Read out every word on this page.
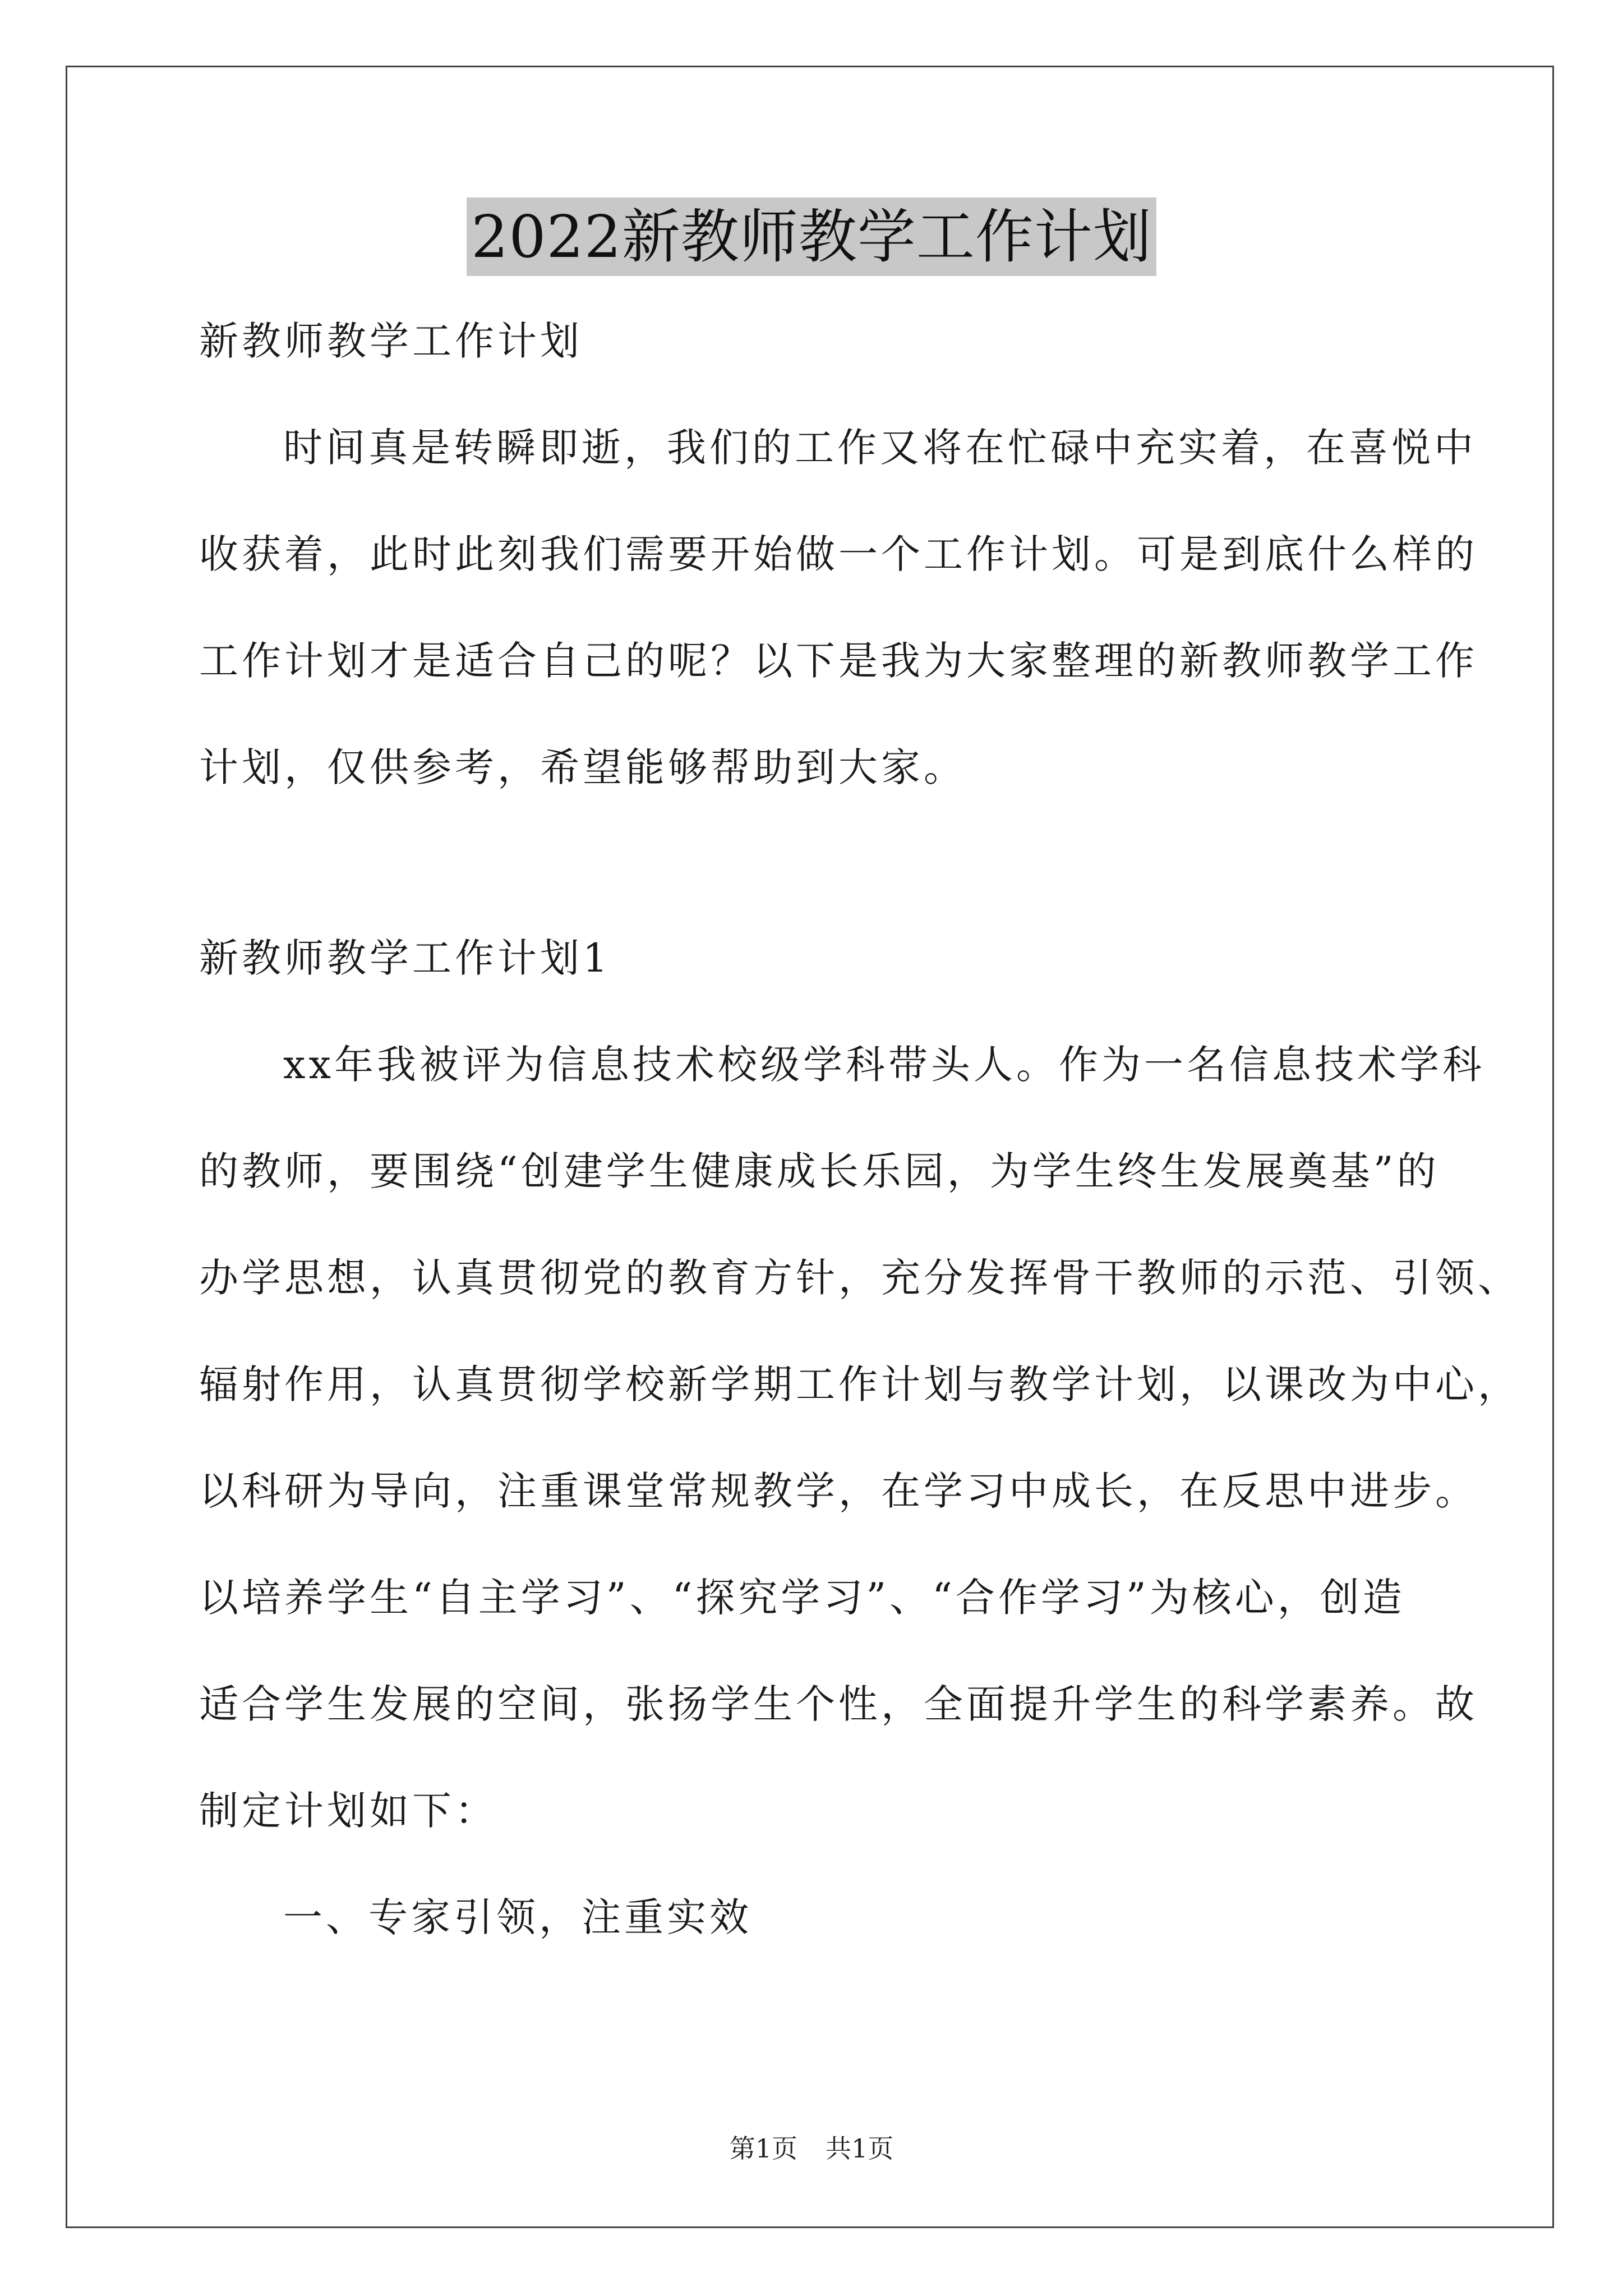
2022新教师教学工作计划
新教师教学工作计划
时间真是转瞬即逝，我们的工作又将在忙碌中充实着，在喜悦中
收获着，此时此刻我们需要开始做一个工作计划。可是到底什么样的
工作计划才是适合自己的呢？以下是我为大家整理的新教师教学工作
计划，仅供参考，希望能够帮助到大家。
新教师教学工作计划1
xx年我被评为信息技术校级学科带头人。作为一名信息技术学科
的教师，要围绕“创建学生健康成长乐园，为学生终生发展奠基”的
办学思想，认真贯彻党的教育方针，充分发挥骨干教师的示范、引领、
辐射作用，认真贯彻学校新学期工作计划与教学计划，以课改为中心，
以科研为导向，注重课堂常规教学，在学习中成长，在反思中进步。
以培养学生“自主学习”、“探究学习”、“合作学习”为核心，创造
适合学生发展的空间，张扬学生个性，全面提升学生的科学素养。故
制定计划如下：
一、专家引领，注重实效
第1页 共1页
